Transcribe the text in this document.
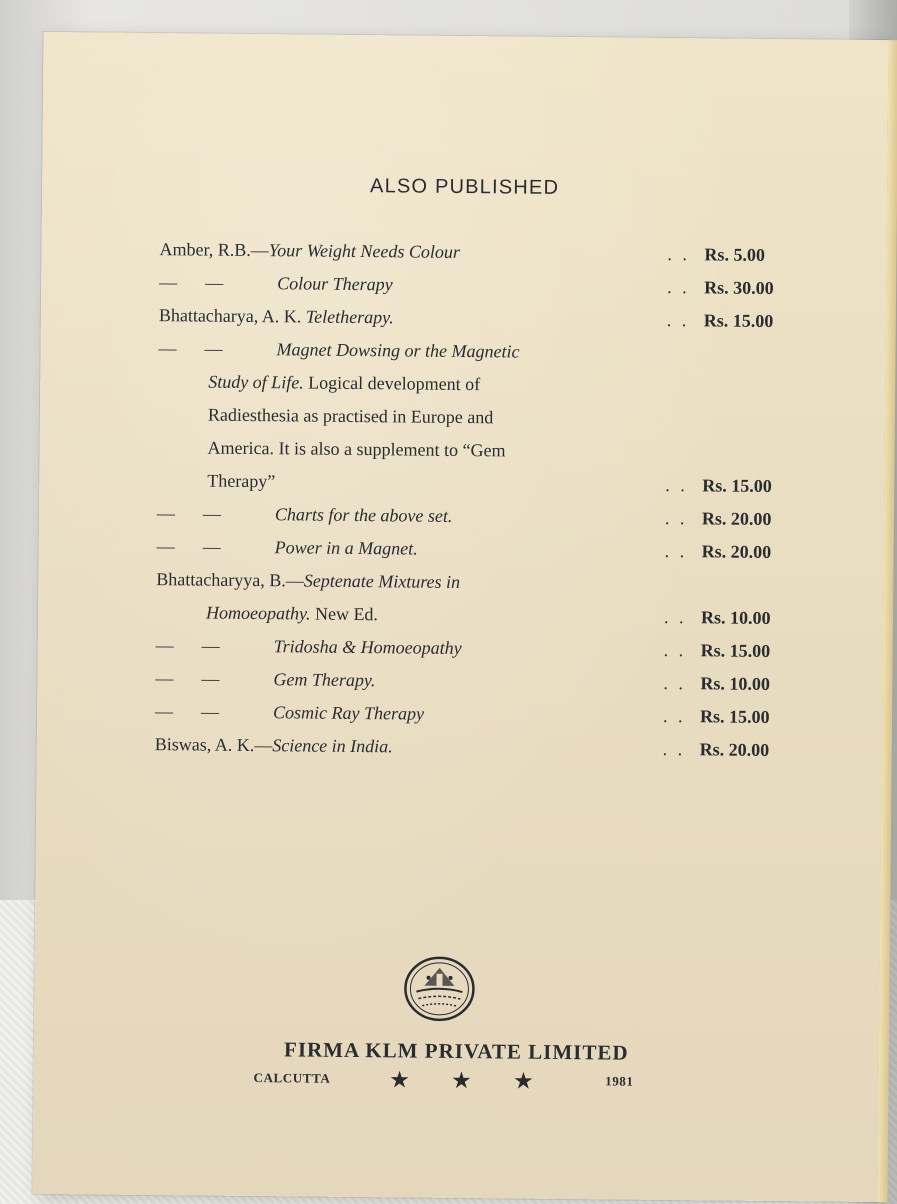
ALSO PUBLISHED
Amber, R.B.—Your Weight Needs Colour	. . Rs. 5.00
— —	Colour Therapy	. . Rs. 30.00
Bhattacharya, A. K. Teletherapy.	. . Rs. 15.00
— —	Magnet Dowsing or the Magnetic
Study of Life. Logical development of
Radiesthesia as practised in Europe and
America. It is also a supplement to “Gem
Therapy”	. . Rs. 15.00
— —	Charts for the above set.	. . Rs. 20.00
— —	Power in a Magnet.	. . Rs. 20.00
Bhattacharyya, B.—Septenate Mixtures in
Homoeopathy. New Ed.	. . Rs. 10.00
— —	Tridosha & Homoeopathy	. . Rs. 15.00
— —	Gem Therapy.	. . Rs. 10.00
— —	Cosmic Ray Therapy	. . Rs. 15.00
Biswas, A. K.—Science in India.	. . Rs. 20.00
FIRMA KLM PRIVATE LIMITED
CALCUTTA	★★★ 1981
